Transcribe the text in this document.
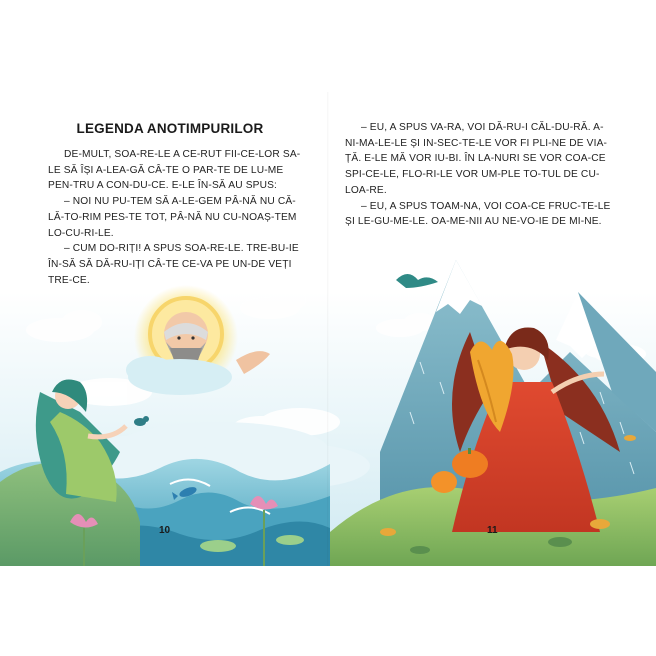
LEGENDA ANOTIMPURILOR

DE-MULT, SOA-RE-LE A CE-RUT FII-CE-LOR SA-LE SĂ ÎȘI A-LEA-GĂ CÂ-TE O PAR-TE DE LU-ME PEN-TRU A CON-DU-CE. E-LE ÎN-SĂ AU SPUS:

– NOI NU PU-TEM SĂ A-LE-GEM PÂ-NĂ NU CĂ-LĂ-TO-RIM PES-TE TOT, PÂ-NĂ NU CU-NOAȘ-TEM LO-CU-RI-LE.

– CUM DO-RIȚI! A SPUS SOA-RE-LE. TRE-BU-IE ÎN-SĂ SĂ DĂ-RU-IȚI CÂ-TE CE-VA PE UN-DE VEȚI TRE-CE.

– EU, A SPUS VA-RA, VOI DĂ-RU-I CĂL-DU-RĂ. A-NI-MA-LE-LE ȘI IN-SEC-TE-LE VOR FI PLI-NE DE VIA-ȚĂ. E-LE MĂ VOR IU-BI. ÎN LA-NURI SE VOR COA-CE SPI-CE-LE, FLO-RI-LE VOR UM-PLE TO-TUL DE CU-LOA-RE.

– EU, A SPUS TOAM-NA, VOI COA-CE FRUC-TE-LE ȘI LE-GU-ME-LE. OA-ME-NII AU NE-VO-IE DE MI-NE.

10	11
